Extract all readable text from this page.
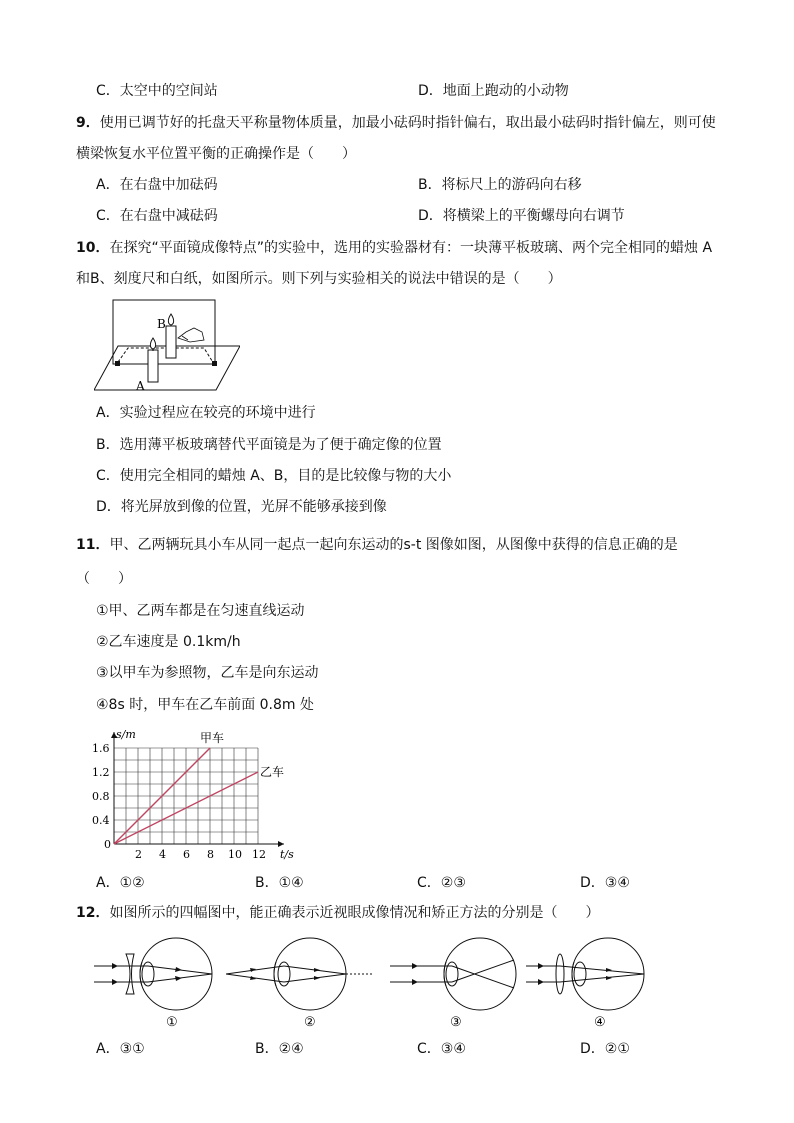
C．太空中的空间站	D．地面上跑动的小动物
9．使用已调节好的托盘天平称量物体质量，加最小砝码时指针偏右，取出最小砝码时指针偏左，则可使
横梁恢复水平位置平衡的正确操作是（　　）
A．在右盘中加砝码	B．将标尺上的游码向右移
C．在右盘中减砝码	D．将横梁上的平衡螺母向右调节
10．在探究“平面镜成像特点”的实验中，选用的实验器材有：一块薄平板玻璃、两个完全相同的蜡烛 A
和B、刻度尺和白纸，如图所示。则下列与实验相关的说法中错误的是（　　）
B
A
A．实验过程应在较亮的环境中进行
B．选用薄平板玻璃替代平面镜是为了便于确定像的位置
C．使用完全相同的蜡烛 A、B，目的是比较像与物的大小
D．将光屏放到像的位置，光屏不能够承接到像
11．甲、乙两辆玩具小车从同一起点一起向东运动的s-t 图像如图，从图像中获得的信息正确的是
（　　）
①甲、乙两车都是在匀速直线运动
②乙车速度是 0.1km/h
③以甲车为参照物，乙车是向东运动
④8s 时，甲车在乙车前面 0.8m 处
0
2 4 6 8 10 12
0.4
0.8
1.2
1.6
s/m
t/s
甲车
乙车
A．①②	B．①④	C．②③	D．③④
12．如图所示的四幅图中，能正确表示近视眼成像情况和矫正方法的分别是（　　）
①	②	③	④
A．③①	B．②④	C．③④	D．②①
